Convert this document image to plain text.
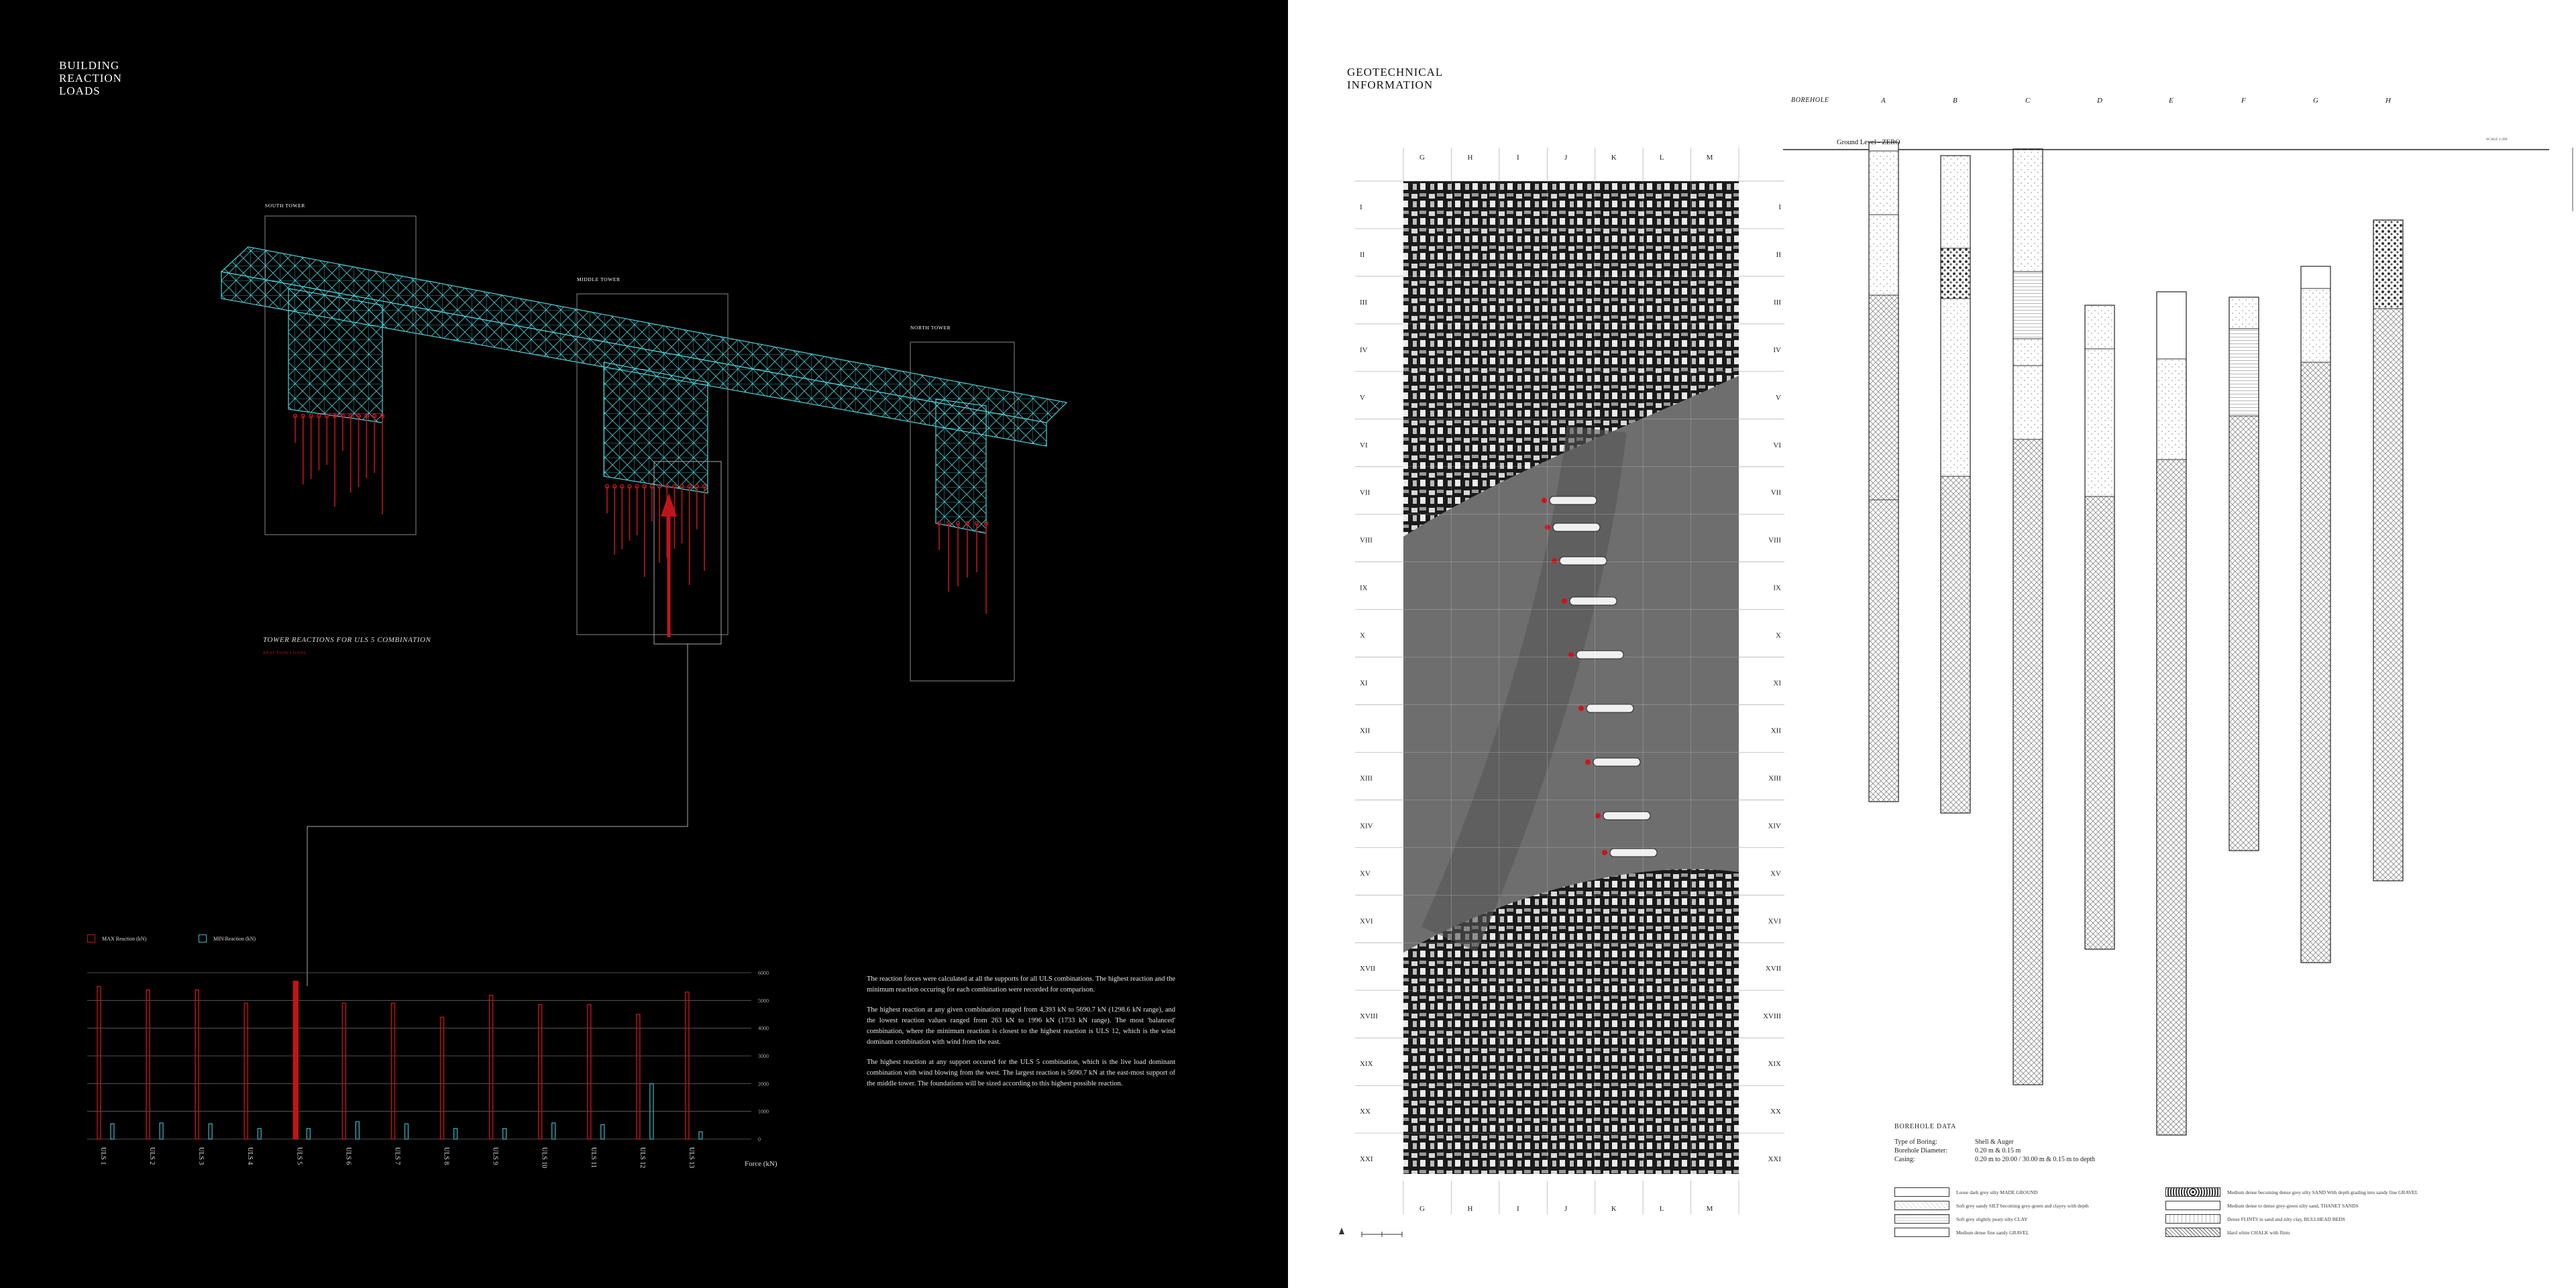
BUILDING
REACTION
LOADS
SOUTH TOWER
MIDDLE TOWER
NORTH TOWER
TOWER REACTIONS FOR ULS 5 COMBINATION
REACTION LOADS
MAX Reaction (kN)	MIN Reaction (kN)
6000
5000
4000
3000
2000
1000
0
ULS 1	ULS 2	ULS 3	ULS 4	ULS 5	ULS 6	ULS 7	ULS 8	ULS 9	ULS 10	ULS 11	ULS 12	ULS 13	Force (kN)

The reaction forces were calculated at all the supports for all ULS combinations. The highest reaction and the minimum reaction occuring for each combination were recorded for comparison.

The highest reaction at any given combination ranged from 4,393 kN to 5690.7 kN (1298.6 kN range), and the lowest reaction values ranged from 263 kN to 1996 kN (1733 kN range). The most 'balanced' combination, where the minimum reaction is closest to the highest reaction is ULS 12, which is the wind dominant combination with wind from the east.

The highest reaction at any support occured for the ULS 5 combination, which is the live load dominant combination with wind blowing from the west. The largest reaction is 5690.7 kN at the east-most support of the middle tower. The foundations will be sized according to this highest possible reaction.

GEOTECHNICAL
INFORMATION
G
G
H
H
I
I
J
J
K
K
L
L
M
M
I	I
II	II
III	III
IV	IV
V	V
VI	VI
VII	VII
VIII	VIII
IX	IX
X	X
XI	XI
XII	XII
XIII	XIII
XIV	XIV
XV	XV
XVI	XVI
XVII	XVII
XVIII	XVIII
XIX	XIX
XX	XX
XXI	XXI
BOREHOLE	A	B	C	D	E	F	G	H
Ground Level - ZERO	SCALE 1:200
BOREHOLE DATA
Type of Boring:	Shell & Auger
Borehole Diameter:	0.20 m & 0.15 m
Casing:	0.20 m to 20.00 / 30.00 m & 0.15 m to depth
Loose dark grey silty MADE GROUND
Soft grey sandy SILT becoming grey-green and clayey with depth
Soft grey slightly peaty silty CLAY
Medium dense fine sandy GRAVEL
Medium dense becoming dense grey silty SAND With depth grading into sandy fine GRAVEL
Medium dense to dense grey-green silty sand, THANET SANDS
Dense FLINTS in sand and silty clay, BULLHEAD BEDS
Hard white CHALK with flints
